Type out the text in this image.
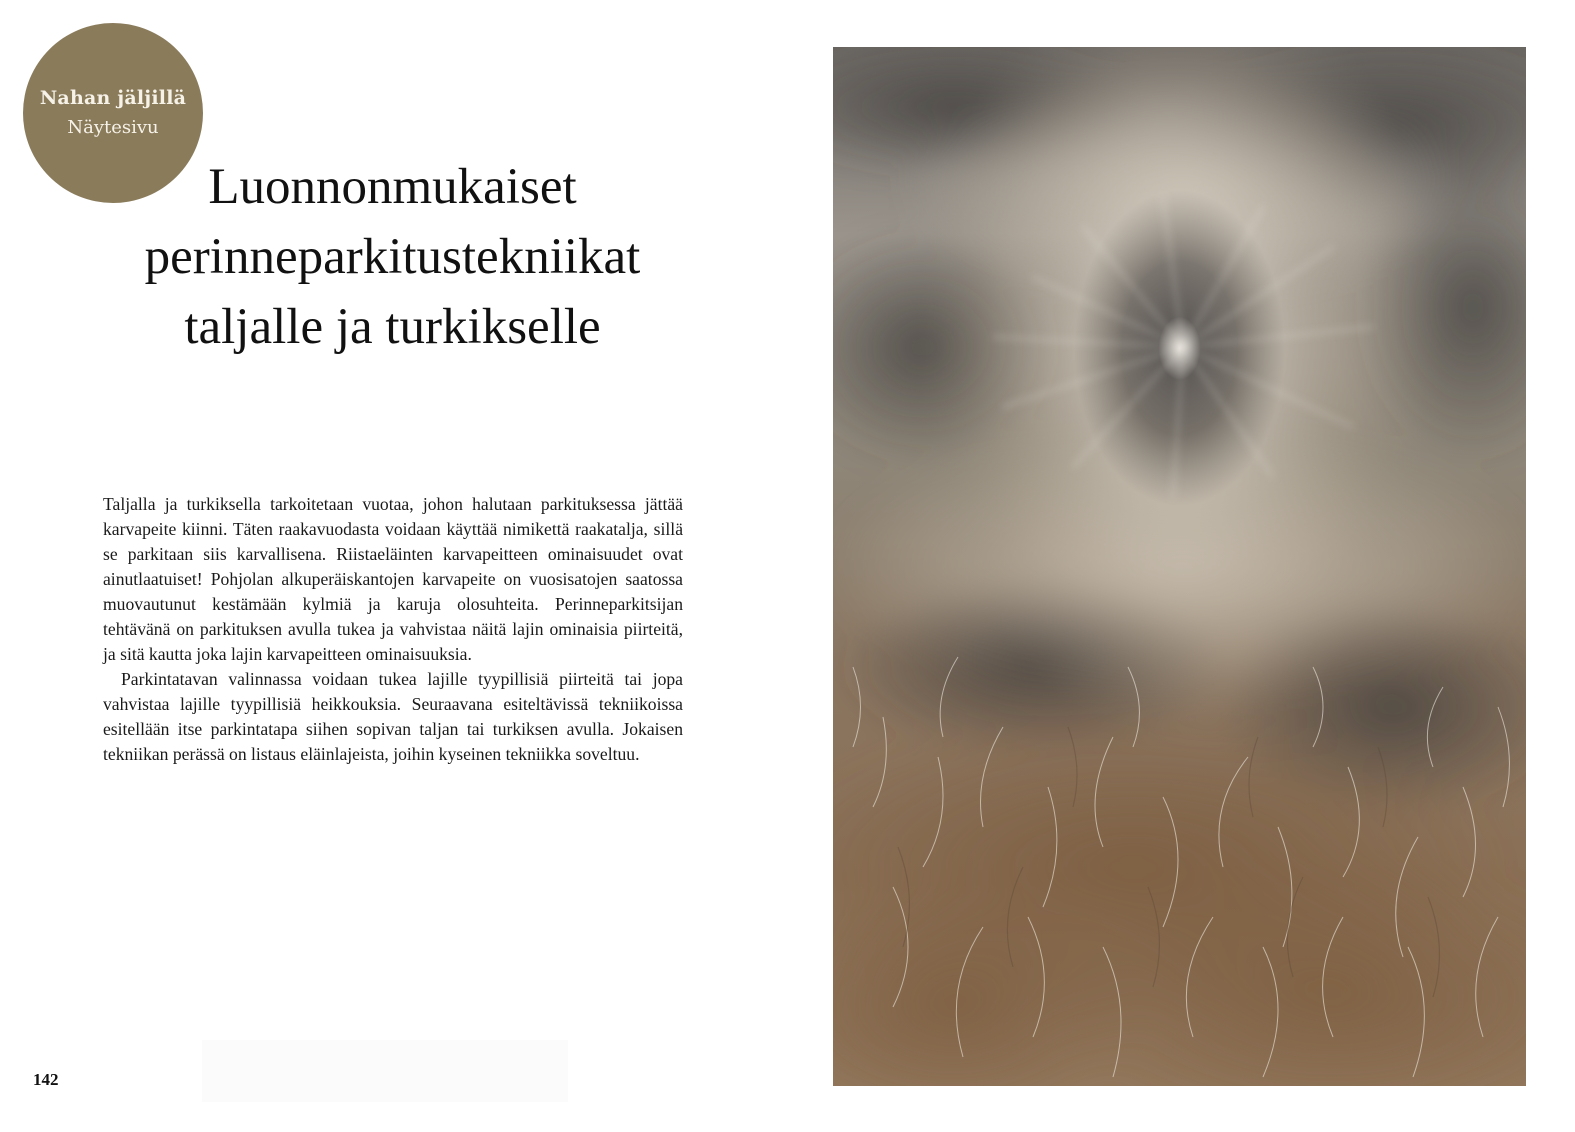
Nahan jäljillä
Näytesivu
Luonnonmukaiset
perinneparkitustekniikat
taljalle ja turkikselle

Taljalla ja turkiksella tarkoitetaan vuotaa, johon halutaan parkituksessa jättää karvapeite kiinni. Täten raakavuodasta voidaan käyttää nimikettä raakatalja, sillä se parkitaan siis karvallisena. Riistaeläinten karvapeitteen ominaisuudet ovat ainutlaatuiset! Pohjolan alkuperäiskantojen karvapeite on vuosisatojen saatossa muovautunut kestämään kylmiä ja karuja olosuhteita. Perinneparkitsijan tehtävänä on parkituksen avulla tukea ja vahvistaa näitä lajin ominaisia piirteitä, ja sitä kautta joka lajin karvapeitteen ominaisuuksia.

Parkintatavan valinnassa voidaan tukea lajille tyypillisiä piirteitä tai jopa vahvistaa lajille tyypillisiä heikkouksia. Seuraavana esiteltävissä tekniikoissa esitellään itse parkintatapa siihen sopivan taljan tai turkiksen avulla. Jokaisen tekniikan perässä on listaus eläinlajeista, joihin kyseinen tekniikka soveltuu.

142
